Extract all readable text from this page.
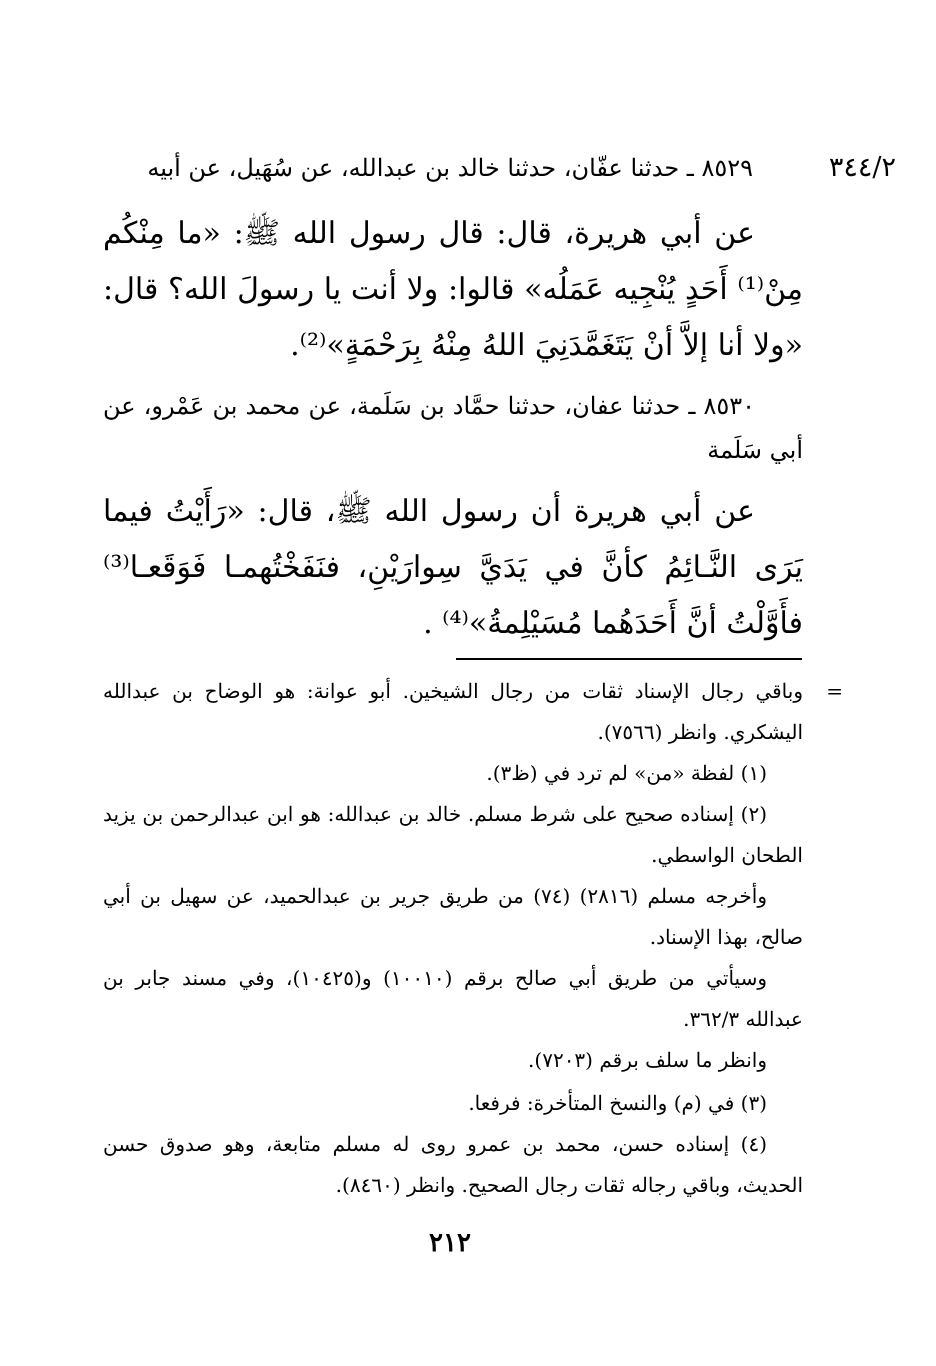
٣٤٤/٢
٨٥٢٩ ـ حدثنا عفّان، حدثنا خالد بن عبدالله، عن سُهَيل، عن أبيه
عن أبي هريرة، قال: قال رسول الله ﷺ: «ما مِنْكُم مِنْ⁽¹⁾ أَحَدٍ يُنْجِيه عَمَلُه» قالوا: ولا أنت يا رسولَ الله؟ قال: «ولا أنا إلاَّ أنْ يَتَغَمَّدَنِيَ اللهُ مِنْهُ بِرَحْمَةٍ»⁽²⁾.
٨٥٣٠ ـ حدثنا عفان، حدثنا حمَّاد بن سَلَمة، عن محمد بن عَمْرو، عن أبي سَلَمة
عن أبي هريرة أن رسول الله ﷺ، قال: «رَأَيْتُ فيما يَرَى النَّـائِمُ كأنَّ في يَدَيَّ سِوارَيْنِ، فنَفَخْتُهمـا فَوَقَعـا⁽³⁾ فأَوَّلْتُ أنَّ أَحَدَهُما مُسَيْلِمةُ»⁽⁴⁾ .
=
وباقي رجال الإسناد ثقات من رجال الشيخين. أبو عوانة: هو الوضاح بن عبدالله اليشكري. وانظر (٧٥٦٦).
(١) لفظة «من» لم ترد في (ظ٣).
(٢) إسناده صحيح على شرط مسلم. خالد بن عبدالله: هو ابن عبدالرحمن بن يزيد الطحان الواسطي.
وأخرجه مسلم (٢٨١٦) (٧٤) من طريق جرير بن عبدالحميد، عن سهيل بن أبي صالح، بهذا الإسناد.
وسيأتي من طريق أبي صالح برقم (١٠٠١٠) و(١٠٤٢٥)، وفي مسند جابر بن عبدالله ٣٦٢/٣.
وانظر ما سلف برقم (٧٢٠٣).
(٣) في (م) والنسخ المتأخرة: فرفعا.
(٤) إسناده حسن، محمد بن عمرو روى له مسلم متابعة، وهو صدوق حسن الحديث، وباقي رجاله ثقات رجال الصحيح. وانظر (٨٤٦٠).
٢١٢
